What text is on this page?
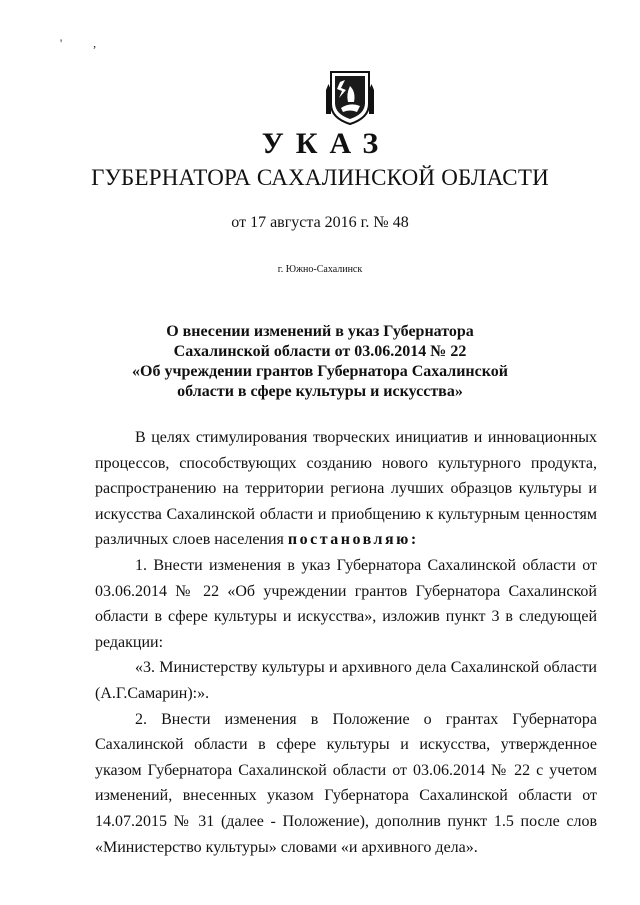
' ,
УКАЗ
ГУБЕРНАТОРА САХАЛИНСКОЙ ОБЛАСТИ
от 17 августа 2016 г. № 48
г. Южно-Сахалинск
О внесении изменений в указ Губернатора
Сахалинской области от 03.06.2014 № 22
«Об учреждении грантов Губернатора Сахалинской
области в сфере культуры и искусства»

В целях стимулирования творческих инициатив и инновационных процессов, способствующих созданию нового культурного продукта, распространению на территории региона лучших образцов культуры и искусства Сахалинской области и приобщению к культурным ценностям различных слоев населения постановляю:

1. Внести изменения в указ Губернатора Сахалинской области от 03.06.2014 № 22 «Об учреждении грантов Губернатора Сахалинской области в сфере культуры и искусства», изложив пункт 3 в следующей редакции:

«3. Министерству культуры и архивного дела Сахалинской области (А.Г.Самарин):».

2. Внести изменения в Положение о грантах Губернатора Сахалинской области в сфере культуры и искусства, утвержденное указом Губернатора Сахалинской области от 03.06.2014 № 22 с учетом изменений, внесенных указом Губернатора Сахалинской области от 14.07.2015 № 31 (далее - Положение), дополнив пункт 1.5 после слов «Министерство культуры» словами «и архивного дела».
